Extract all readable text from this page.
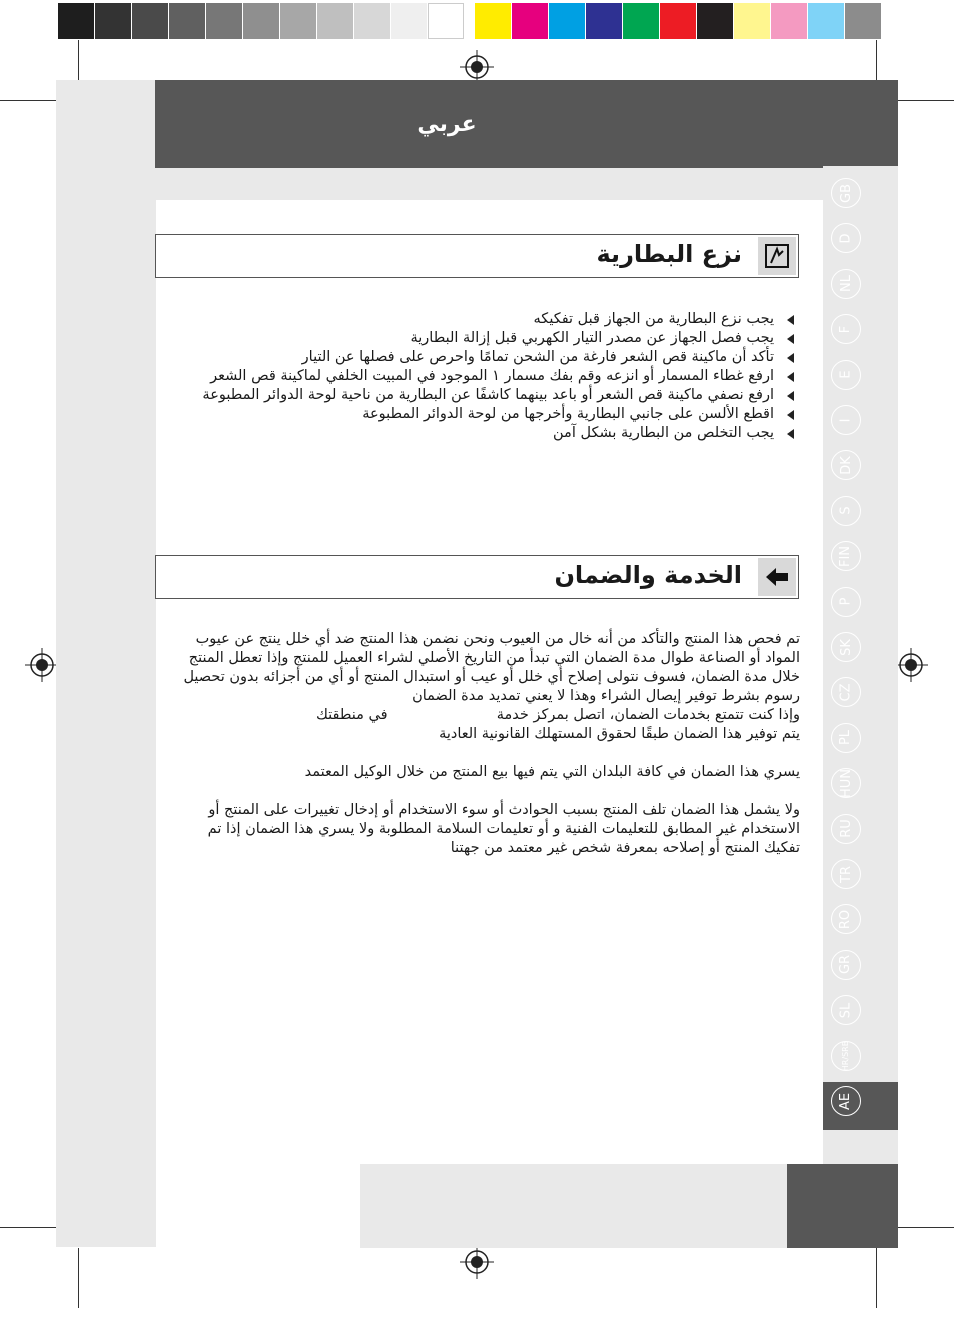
عربي
GB
D
NL
F
E
I
DK
S
FIN
P
SK
CZ
PL
HUN
RU
TR
RO
GR
SL
HR/SRB
AE
نزع البطارية
يجب نزع البطارية من الجهاز قبل تفكيكه
يجب فصل الجهاز عن مصدر التيار الكهربي قبل إزالة البطارية
تأكد أن ماكينة قص الشعر فارغة من الشحن تمامًا واحرص على فصلها عن التيار
ارفع غطاء المسمار أو انزعه وقم بفك مسمار ١ الموجود في المبيت الخلفي لماكينة قص الشعر
ارفع نصفي ماكينة قص الشعر أو باعد بينهما كاشفًا عن البطارية من ناحية لوحة الدوائر المطبوعة
اقطع الألسن على جانبي البطارية وأخرجها من لوحة الدوائر المطبوعة
يجب التخلص من البطارية بشكل آمن
الخدمة والضمان

تم فحص هذا المنتج والتأكد من أنه خال من العيوب ونحن نضمن هذا المنتج ضد أي خلل ينتج عن عيوب المواد أو الصناعة طوال مدة الضمان التي تبدأ من التاريخ الأصلي لشراء العميل للمنتج وإذا تعطل المنتج خلال مدة الضمان، فسوف نتولى إصلاح أي خلل أو عيب أو استبدال المنتج أو أي من أجزائه بدون تحصيل رسوم بشرط توفير إيصال الشراء وهذا لا يعني تمديد مدة الضمان

وإذا كنت تتمتع بخدمات الضمان، اتصل بمركز خدمة  في منطقتك

يتم توفير هذا الضمان طبقًا لحقوق المستهلك القانونية العادية

يسري هذا الضمان في كافة البلدان التي يتم فيها بيع المنتج من خلال الوكيل المعتمد

ولا يشمل هذا الضمان تلف المنتج بسبب الحوادث أو سوء الاستخدام أو إدخال تغييرات على المنتج أو الاستخدام غير المطابق للتعليمات الفنية و أو تعليمات السلامة المطلوبة ولا يسري هذا الضمان إذا تم تفكيك المنتج أو إصلاحه بمعرفة شخص غير معتمد من جهتنا
